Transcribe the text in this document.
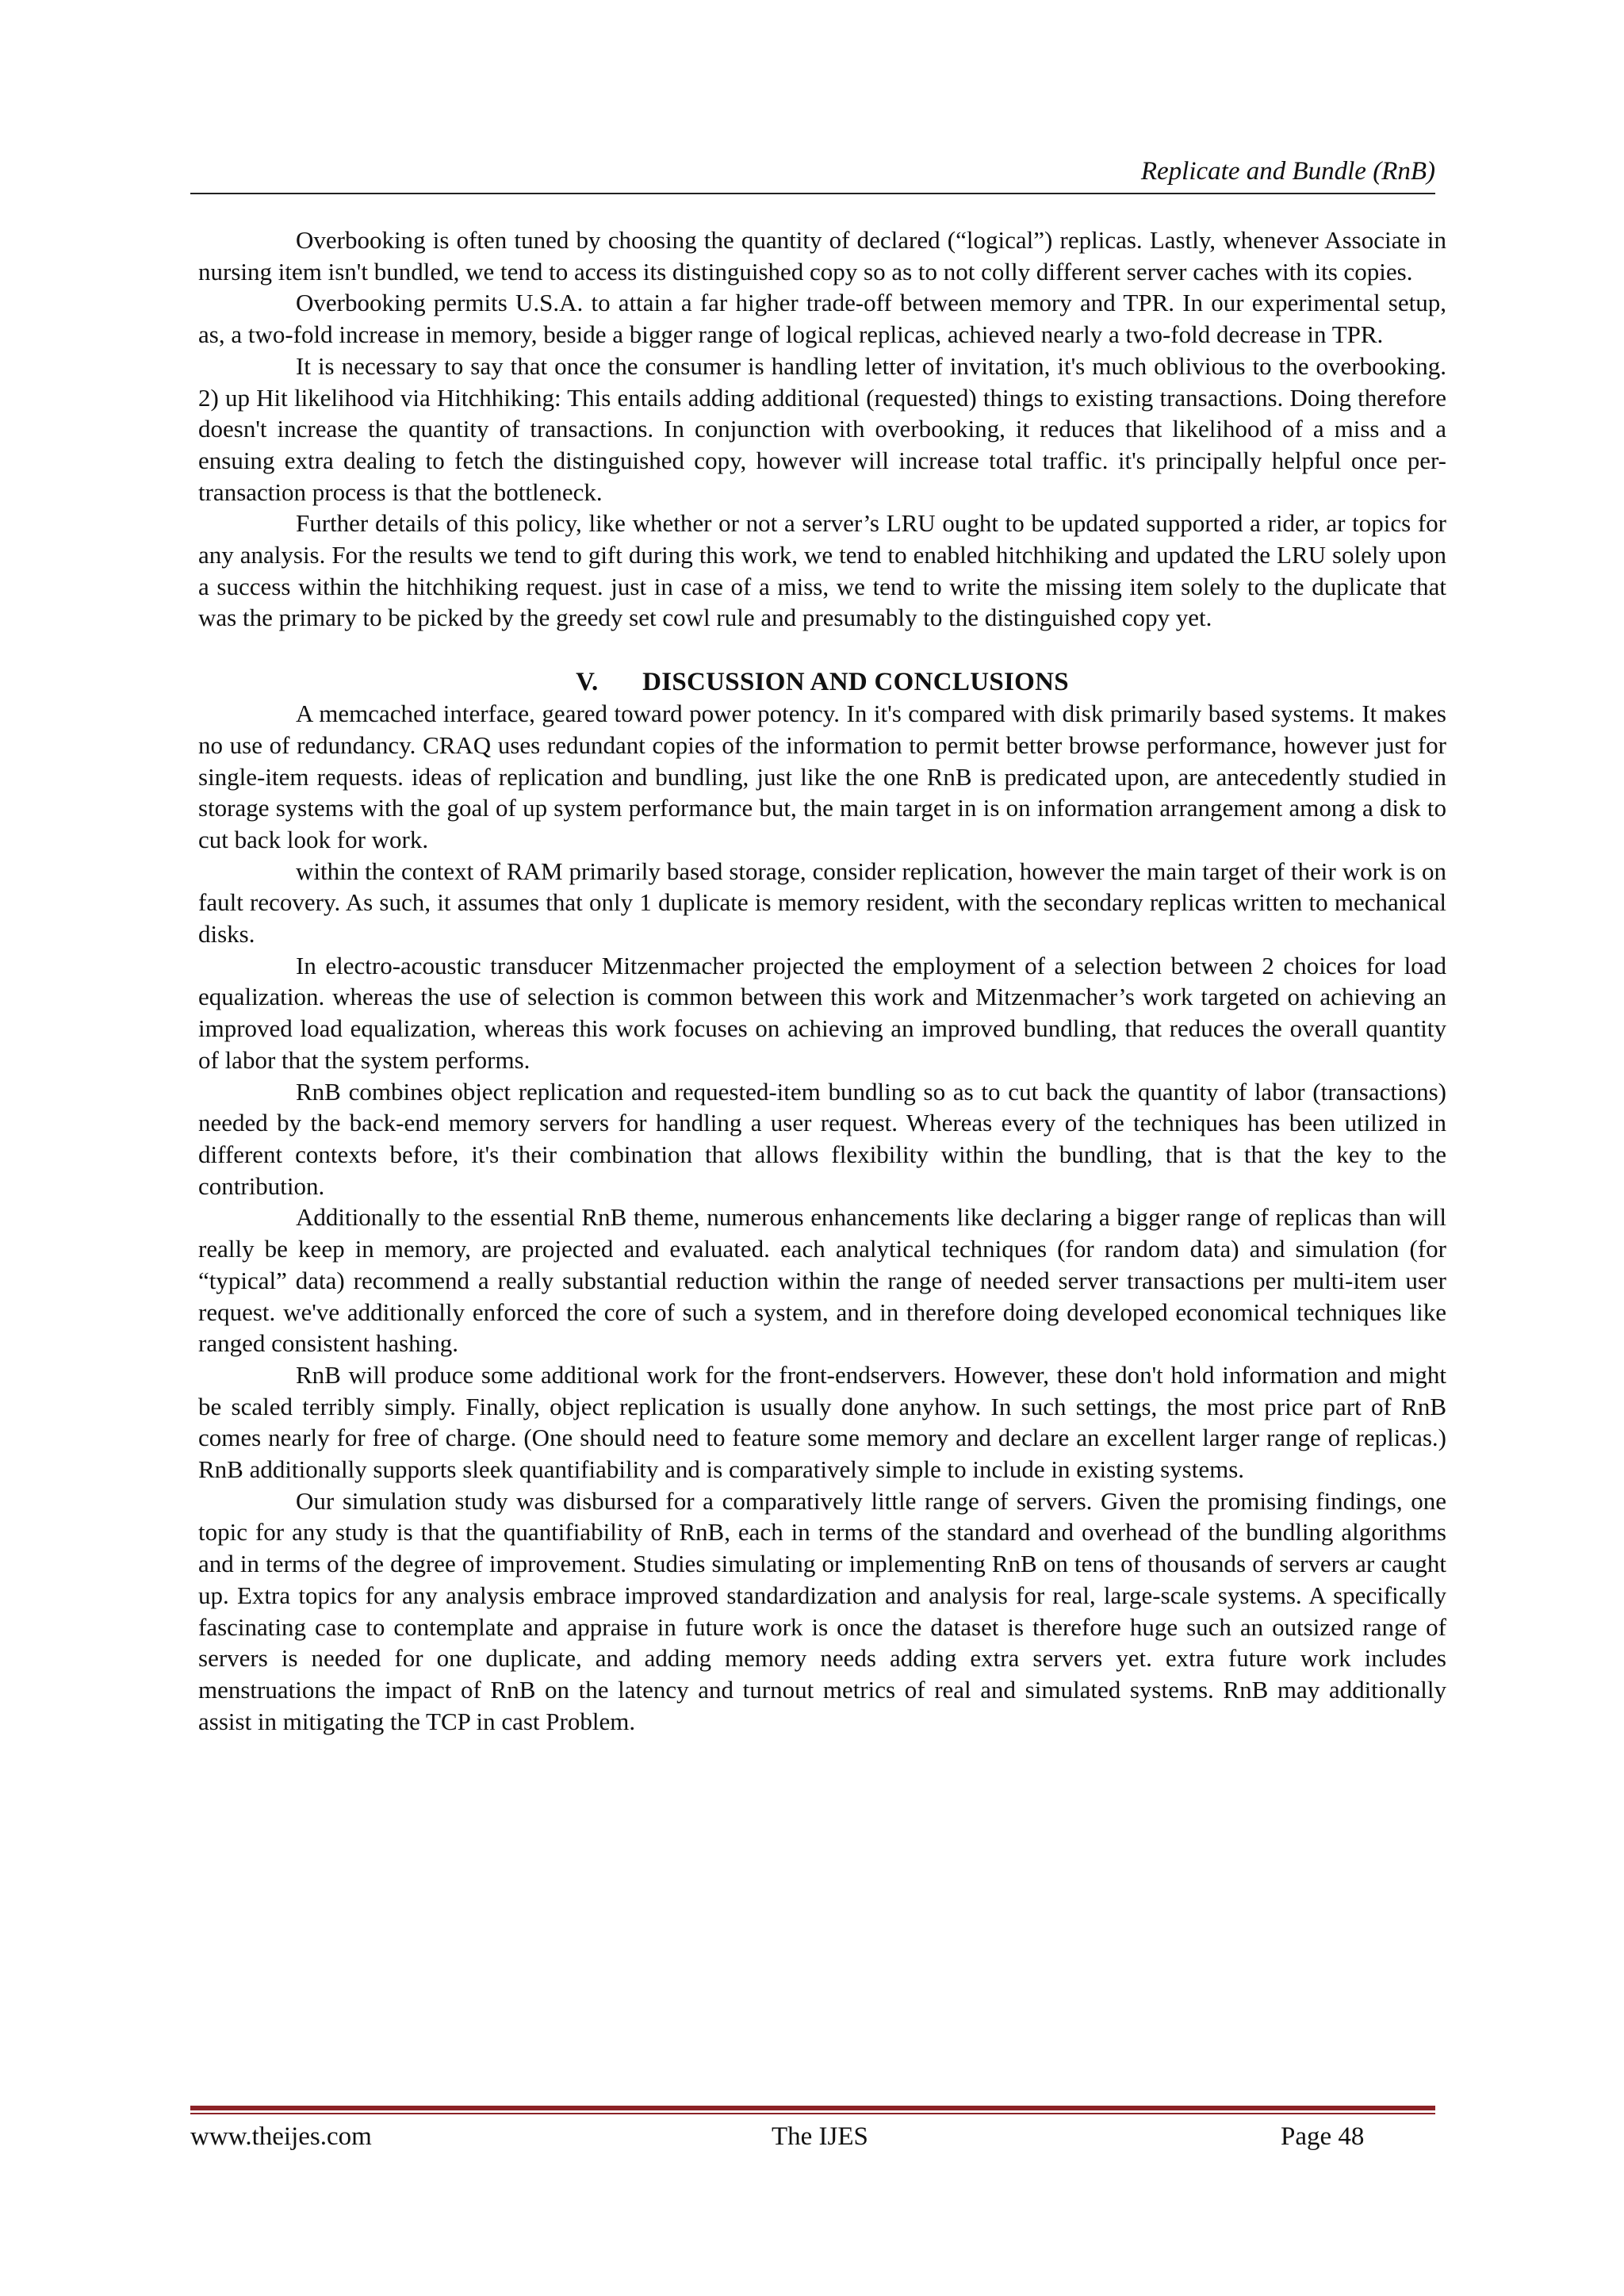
Replicate and Bundle (RnB)

Overbooking is often tuned by choosing the quantity of declared (“logical”) replicas. Lastly, whenever Associate in nursing item isn't bundled, we tend to access its distinguished copy so as to not colly different server caches with its copies.

Overbooking permits U.S.A. to attain a far higher trade-off between memory and TPR. In our experimental setup, as, a two-fold increase in memory, beside a bigger range of logical replicas, achieved nearly a two-fold decrease in TPR.

It is necessary to say that once the consumer is handling letter of invitation, it's much oblivious to the overbooking. 2) up Hit likelihood via Hitchhiking: This entails adding additional (requested) things to existing transactions. Doing therefore doesn't increase the quantity of transactions. In conjunction with overbooking, it reduces that likelihood of a miss and a ensuing extra dealing to fetch the distinguished copy, however will increase total traffic. it's principally helpful once per-transaction process is that the bottleneck.

Further details of this policy, like whether or not a server’s LRU ought to be updated supported a rider, ar topics for any analysis. For the results we tend to gift during this work, we tend to enabled hitchhiking and updated the LRU solely upon a success within the hitchhiking request. just in case of a miss, we tend to write the missing item solely to the duplicate that was the primary to be picked by the greedy set cowl rule and presumably to the distinguished copy yet.

V. DISCUSSION AND CONCLUSIONS

A memcached interface, geared toward power potency. In it's compared with disk primarily based systems. It makes no use of redundancy. CRAQ uses redundant copies of the information to permit better browse performance, however just for single-item requests. ideas of replication and bundling, just like the one RnB is predicated upon, are antecedently studied in storage systems with the goal of up system performance but, the main target in is on information arrangement among a disk to cut back look for work.

within the context of RAM primarily based storage, consider replication, however the main target of their work is on fault recovery. As such, it assumes that only 1 duplicate is memory resident, with the secondary replicas written to mechanical disks.

In electro-acoustic transducer Mitzenmacher projected the employment of a selection between 2 choices for load equalization. whereas the use of selection is common between this work and Mitzenmacher’s work targeted on achieving an improved load equalization, whereas this work focuses on achieving an improved bundling, that reduces the overall quantity of labor that the system performs.

RnB combines object replication and requested-item bundling so as to cut back the quantity of labor (transactions) needed by the back-end memory servers for handling a user request. Whereas every of the techniques has been utilized in different contexts before, it's their combination that allows flexibility within the bundling, that is that the key to the contribution.

Additionally to the essential RnB theme, numerous enhancements like declaring a bigger range of replicas than will really be keep in memory, are projected and evaluated. each analytical techniques (for random data) and simulation (for “typical” data) recommend a really substantial reduction within the range of needed server transactions per multi-item user request. we've additionally enforced the core of such a system, and in therefore doing developed economical techniques like ranged consistent hashing.

RnB will produce some additional work for the front-endservers. However, these don't hold information and might be scaled terribly simply. Finally, object replication is usually done anyhow. In such settings, the most price part of RnB comes nearly for free of charge. (One should need to feature some memory and declare an excellent larger range of replicas.) RnB additionally supports sleek quantifiability and is comparatively simple to include in existing systems.

Our simulation study was disbursed for a comparatively little range of servers. Given the promising findings, one topic for any study is that the quantifiability of RnB, each in terms of the standard and overhead of the bundling algorithms and in terms of the degree of improvement. Studies simulating or implementing RnB on tens of thousands of servers ar caught up. Extra topics for any analysis embrace improved standardization and analysis for real, large-scale systems. A specifically fascinating case to contemplate and appraise in future work is once the dataset is therefore huge such an outsized range of servers is needed for one duplicate, and adding memory needs adding extra servers yet. extra future work includes menstruations the impact of RnB on the latency and turnout metrics of real and simulated systems. RnB may additionally assist in mitigating the TCP in cast Problem.

www.theijes.com	The IJES	Page 48
